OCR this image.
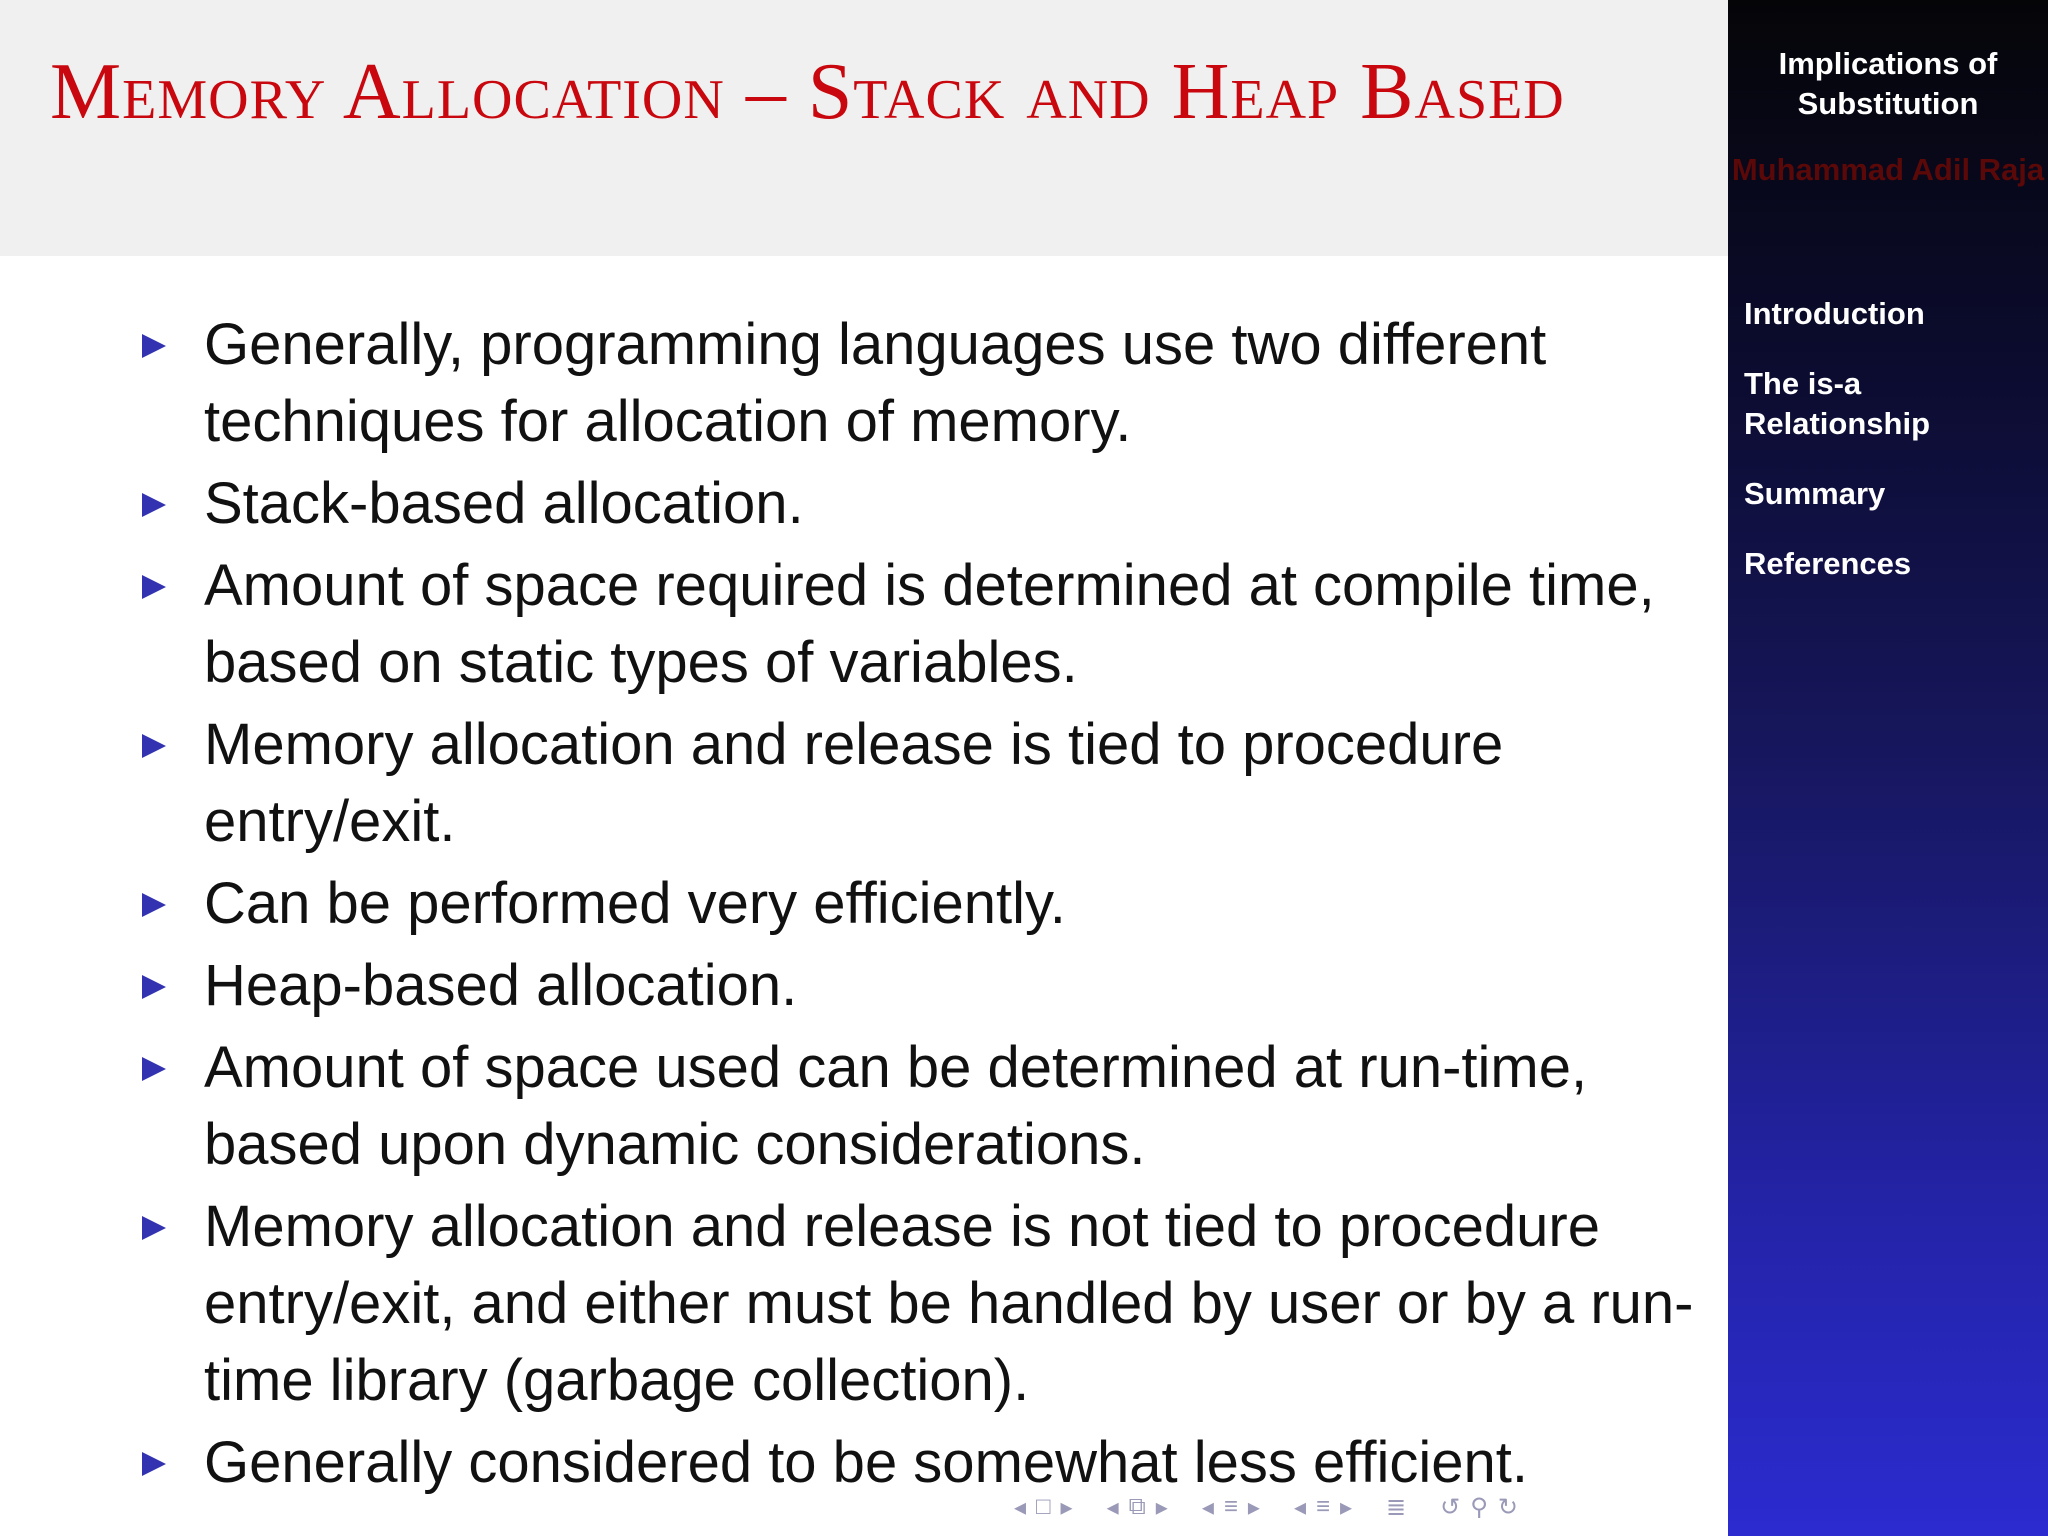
Memory Allocation – Stack and Heap Based
Generally, programming languages use two different techniques for allocation of memory.
Stack-based allocation.
Amount of space required is determined at compile time, based on static types of variables.
Memory allocation and release is tied to procedure entry/exit.
Can be performed very efficiently.
Heap-based allocation.
Amount of space used can be determined at run-time, based upon dynamic considerations.
Memory allocation and release is not tied to procedure entry/exit, and either must be handled by user or by a run-time library (garbage collection).
Generally considered to be somewhat less efficient.
◂ □ ▸ ◂ ⧉ ▸ ◂ ≡ ▸ ◂ ≡ ▸ ≣ ↺ ⚲ ↻
Implications of Substitution
Muhammad Adil Raja
Introduction
The is-a Relationship
Summary
References
